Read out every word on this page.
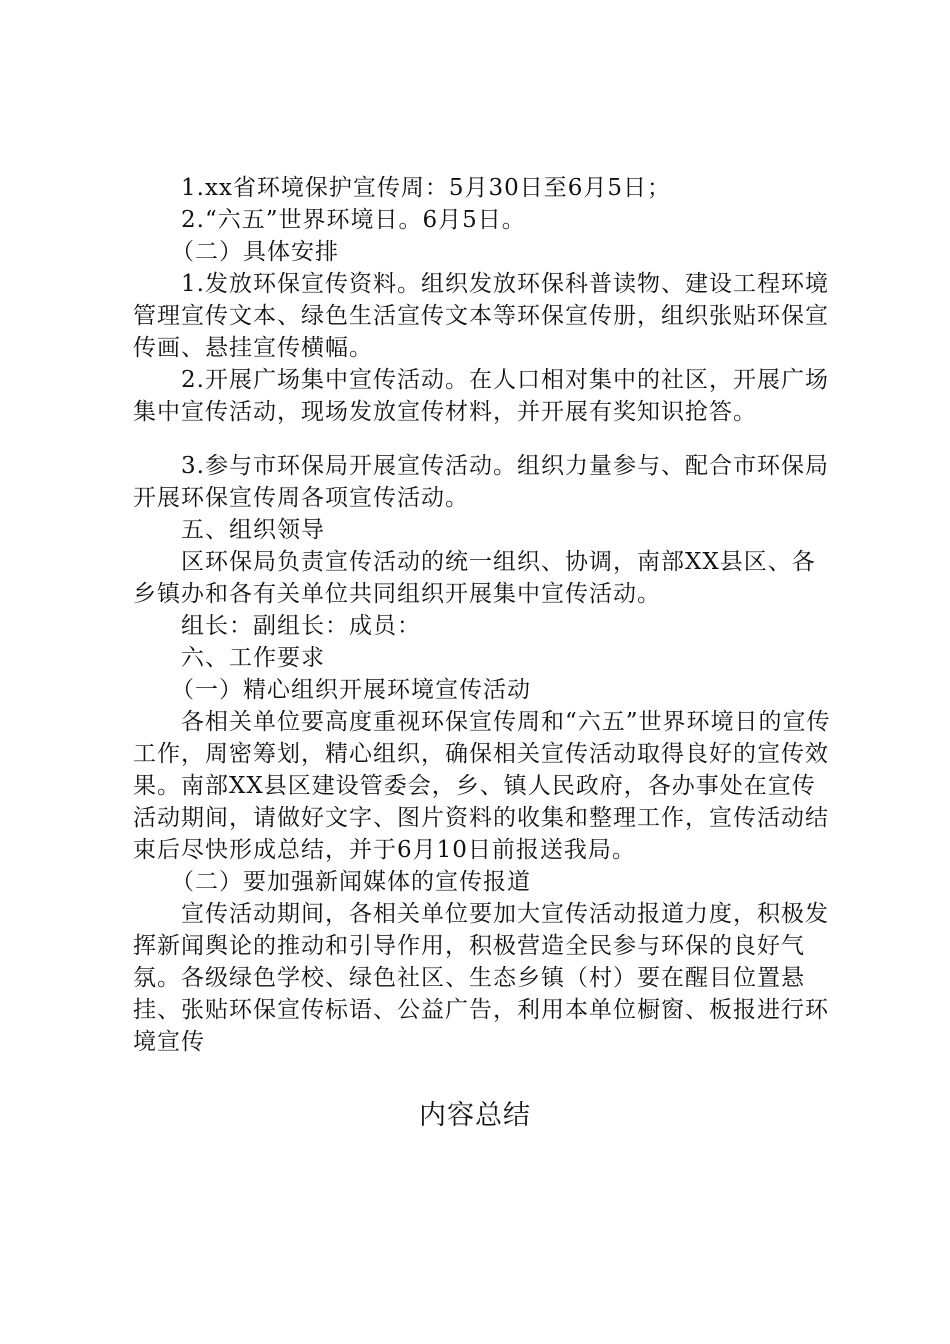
1.xx省环境保护宣传周：5月30日至6月5日；

2.“六五”世界环境日。6月5日。

（二）具体安排

1.发放环保宣传资料。组织发放环保科普读物、建设工程环境管理宣传文本、绿色生活宣传文本等环保宣传册，组织张贴环保宣传画、悬挂宣传横幅。

2.开展广场集中宣传活动。在人口相对集中的社区，开展广场集中宣传活动，现场发放宣传材料，并开展有奖知识抢答。

3.参与市环保局开展宣传活动。组织力量参与、配合市环保局开展环保宣传周各项宣传活动。

五、组织领导

区环保局负责宣传活动的统一组织、协调，南部XX县区、各乡镇办和各有关单位共同组织开展集中宣传活动。

组长：副组长：成员：

六、工作要求

（一）精心组织开展环境宣传活动

各相关单位要高度重视环保宣传周和“六五”世界环境日的宣传工作，周密筹划，精心组织，确保相关宣传活动取得良好的宣传效果。南部XX县区建设管委会，乡、镇人民政府，各办事处在宣传活动期间，请做好文字、图片资料的收集和整理工作，宣传活动结束后尽快形成总结，并于6月10日前报送我局。

（二）要加强新闻媒体的宣传报道

宣传活动期间，各相关单位要加大宣传活动报道力度，积极发挥新闻舆论的推动和引导作用，积极营造全民参与环保的良好气氛。各级绿色学校、绿色社区、生态乡镇（村）要在醒目位置悬挂、张贴环保宣传标语、公益广告，利用本单位橱窗、板报进行环境宣传

内容总结
